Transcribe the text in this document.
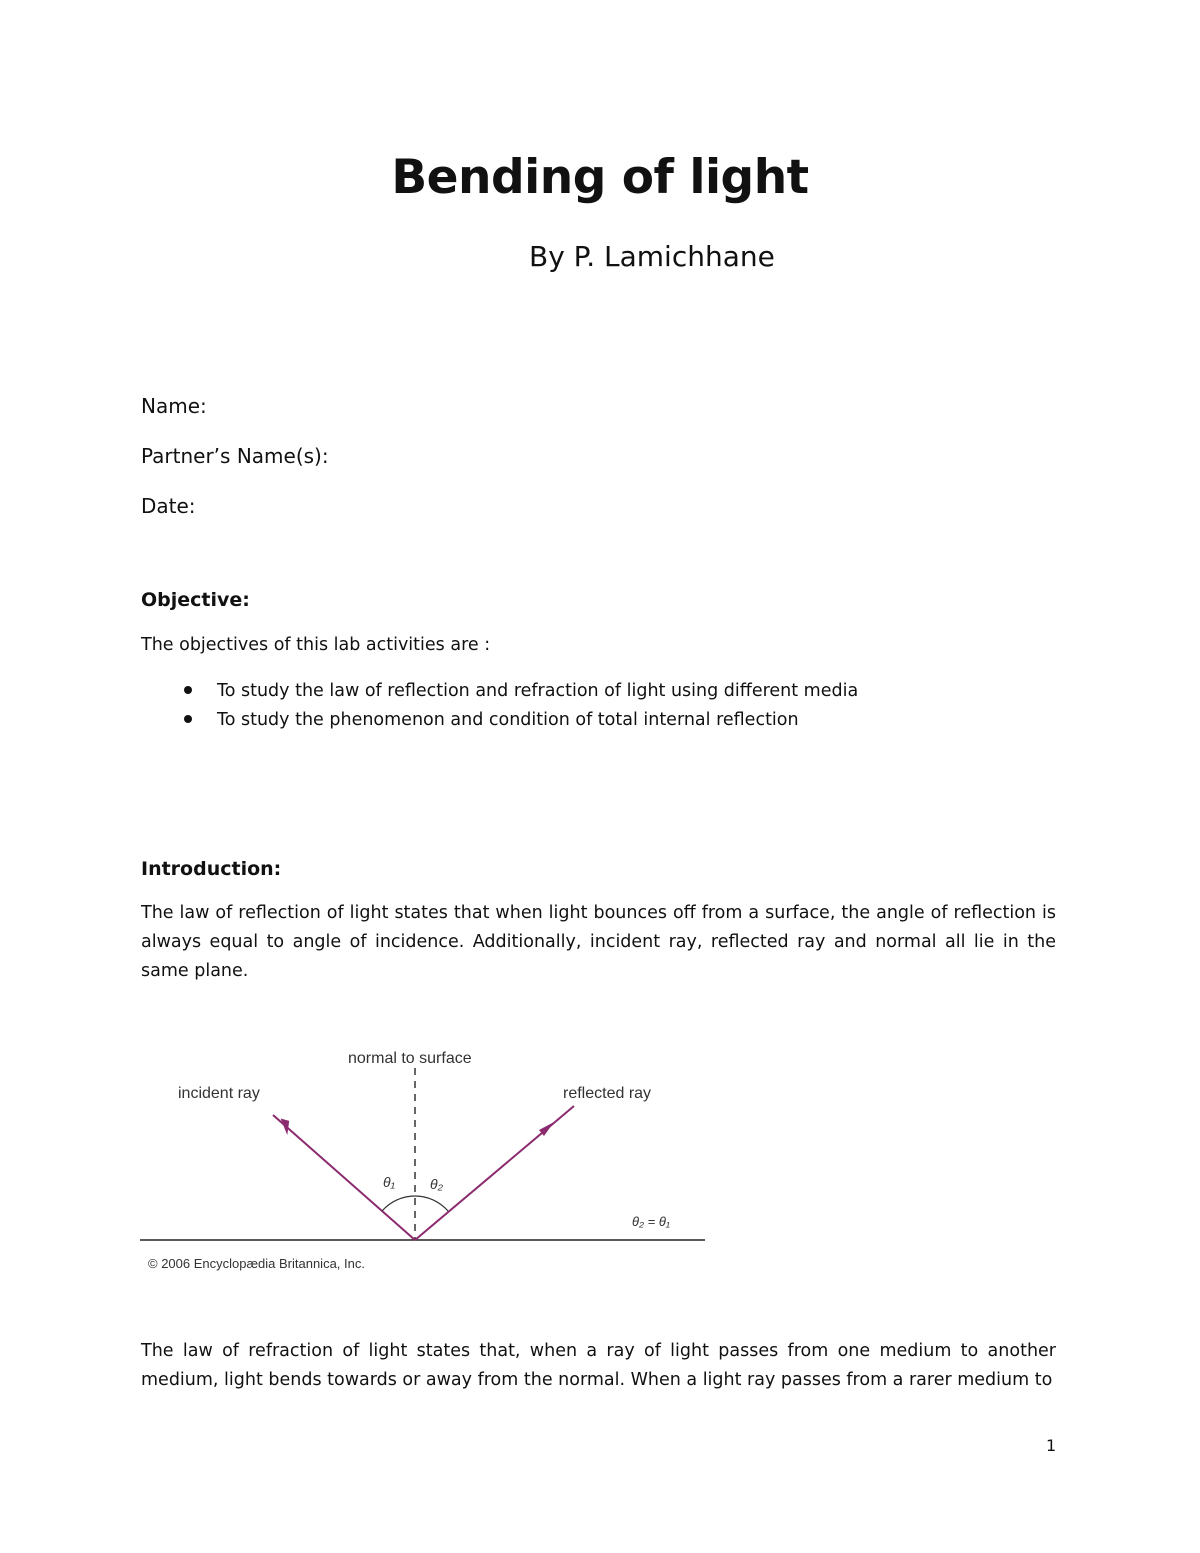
Bending of light

By P. Lamichhane

Name:

Partner’s Name(s):

Date:

Objective:

The objectives of this lab activities are :

To study the law of reflection and refraction of light using different media
To study the phenomenon and condition of total internal reflection

Introduction:

The law of reflection of light states that when light bounces off from a surface, the angle of reflection is always equal to angle of incidence. Additionally, incident ray, reflected ray and normal all lie in the same plane.

normal to surface
incident ray	reflected ray
θ₁ θ₂
θ₂ = θ₁
© 2006 Encyclopædia Britannica, Inc.

The law of refraction of light states that, when a ray of light passes from one medium to another medium, light bends towards or away from the normal. When a light ray passes from a rarer medium to

1
